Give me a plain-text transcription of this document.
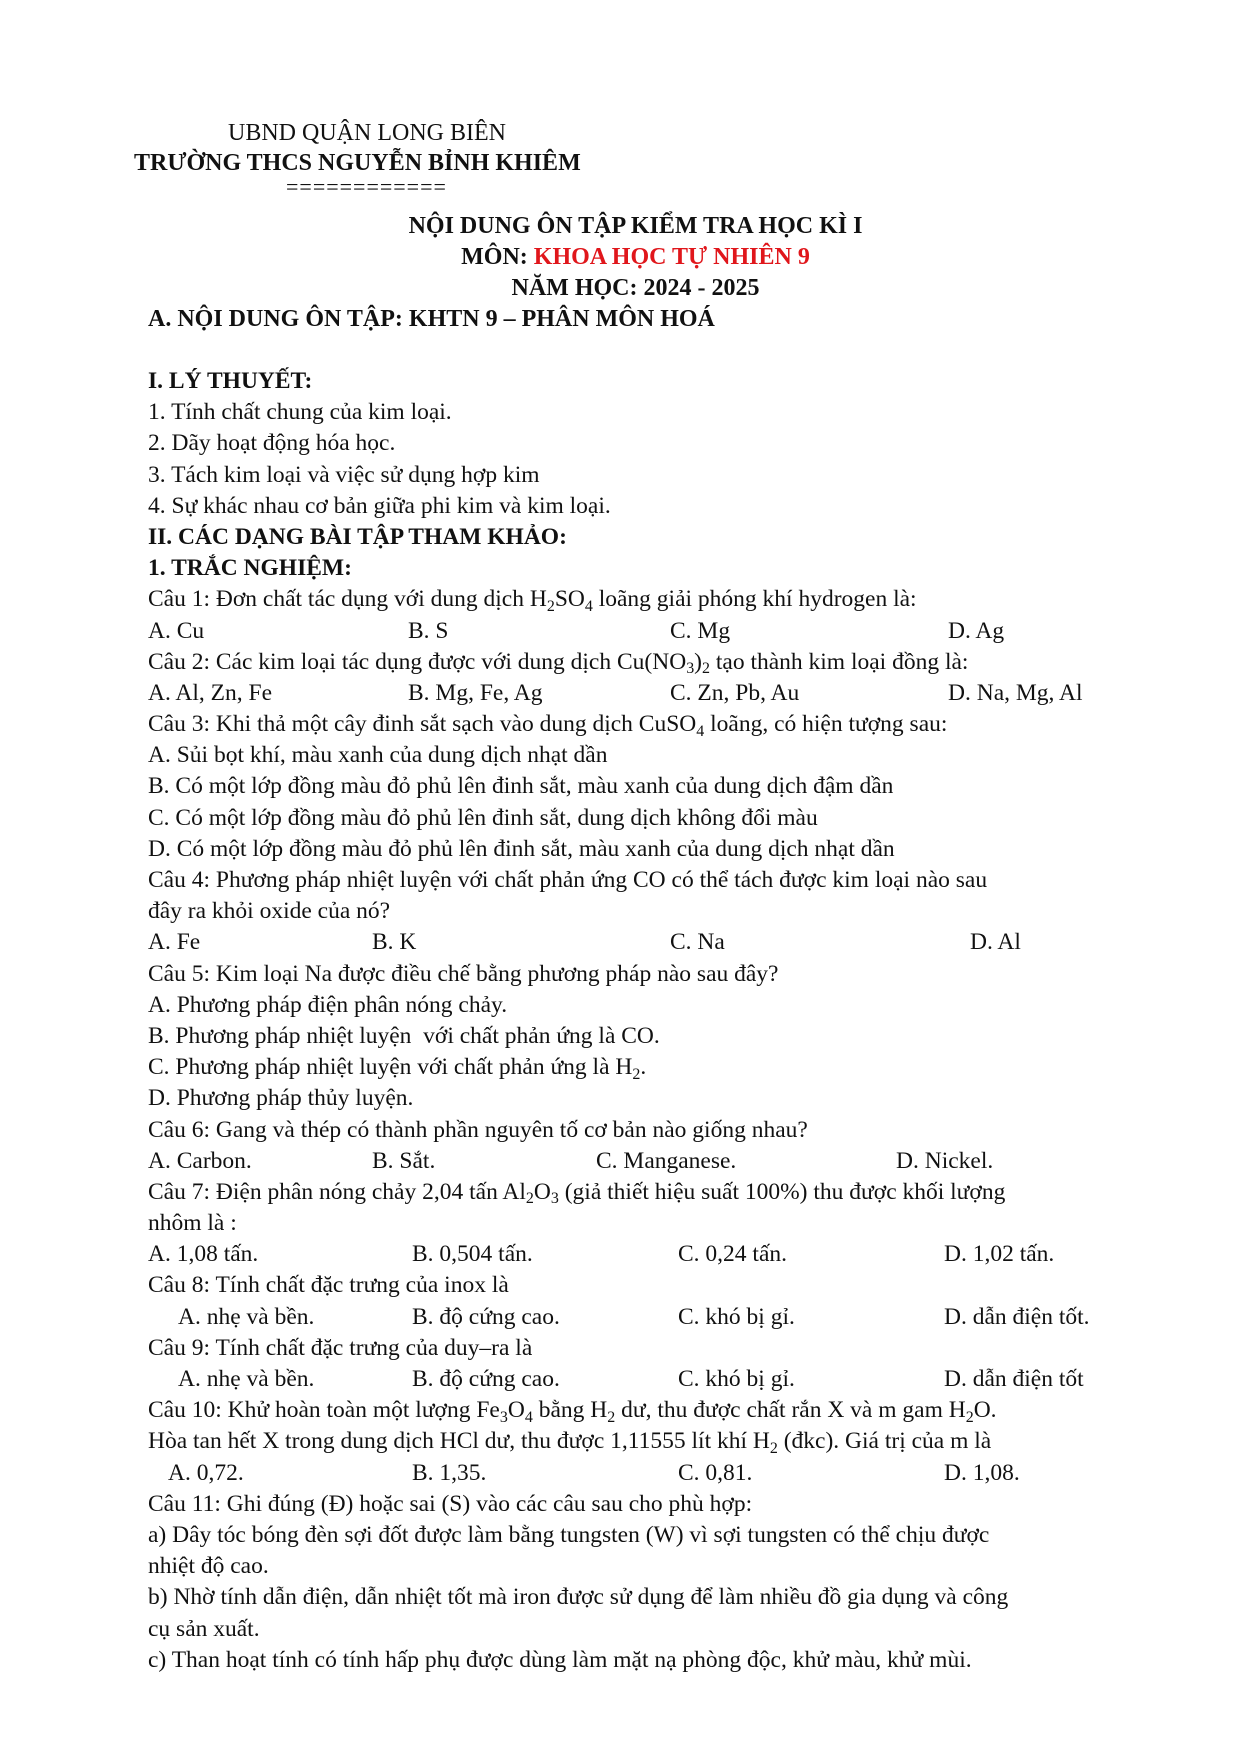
UBND QUẬN LONG BIÊN
TRƯỜNG THCS NGUYỄN BỈNH KHIÊM
============
NỘI DUNG ÔN TẬP KIỂM TRA HỌC KÌ I
MÔN: KHOA HỌC TỰ NHIÊN 9
NĂM HỌC: 2024 - 2025
A. NỘI DUNG ÔN TẬP: KHTN 9 – PHÂN MÔN HOÁ
I. LÝ THUYẾT:
1. Tính chất chung của kim loại.
2. Dãy hoạt động hóa học.
3. Tách kim loại và việc sử dụng hợp kim
4. Sự khác nhau cơ bản giữa phi kim và kim loại.
II. CÁC DẠNG BÀI TẬP THAM KHẢO:
1. TRẮC NGHIỆM:
Câu 1: Đơn chất tác dụng với dung dịch $H_2SO_4$ loãng giải phóng khí hydrogen là:
A. Cu	B. S	C. Mg	D. Ag
Câu 2: Các kim loại tác dụng được với dung dịch $Cu(NO_3)_2$ tạo thành kim loại đồng là:
A. Al, Zn, Fe	B. Mg, Fe, Ag	C. Zn, Pb, Au	D. Na, Mg, Al
Câu 3: Khi thả một cây đinh sắt sạch vào dung dịch CuSO$_4$ loãng, có hiện tượng sau:
A. Sủi bọt khí, màu xanh của dung dịch nhạt dần
B. Có một lớp đồng màu đỏ phủ lên đinh sắt, màu xanh của dung dịch đậm dần
C. Có một lớp đồng màu đỏ phủ lên đinh sắt, dung dịch không đổi màu
D. Có một lớp đồng màu đỏ phủ lên đinh sắt, màu xanh của dung dịch nhạt dần
Câu 4: Phương pháp nhiệt luyện với chất phản ứng CO có thể tách được kim loại nào sau
đây ra khỏi oxide của nó?
A. Fe	B. K	C. Na	D. Al
Câu 5: Kim loại Na được điều chế bằng phương pháp nào sau đây?
A. Phương pháp điện phân nóng chảy.
B. Phương pháp nhiệt luyện  với chất phản ứng là CO.
C. Phương pháp nhiệt luyện với chất phản ứng là $H_2$.
D. Phương pháp thủy luyện.
Câu 6: Gang và thép có thành phần nguyên tố cơ bản nào giống nhau?
A. Carbon.	B. Sắt.	C. Manganese.	D. Nickel.
Câu 7: Điện phân nóng chảy 2,04 tấn $Al_2O_3$ (giả thiết hiệu suất 100%) thu được khối lượng
nhôm là :
A. 1,08 tấn.	B. 0,504 tấn.	C. 0,24 tấn.	D. 1,02 tấn.
Câu 8: Tính chất đặc trưng của inox là
A. nhẹ và bền.	B. độ cứng cao.	C. khó bị gỉ.	D. dẫn điện tốt.
Câu 9: Tính chất đặc trưng của duy–ra là
A. nhẹ và bền.	B. độ cứng cao.	C. khó bị gỉ.	D. dẫn điện tốt
Câu 10: Khử hoàn toàn một lượng $Fe_3O_4$ bằng $H_2$ dư, thu được chất rắn X và m gam $H_2O$.
Hòa tan hết X trong dung dịch HCl dư, thu được 1,11555 lít khí $H_2$ (đkc). Giá trị của m là
A. 0,72.	B. 1,35.	C. 0,81.	D. 1,08.
Câu 11: Ghi đúng (Đ) hoặc sai (S) vào các câu sau cho phù hợp:
a) Dây tóc bóng đèn sợi đốt được làm bằng tungsten (W) vì sợi tungsten có thể chịu được
nhiệt độ cao.
b) Nhờ tính dẫn điện, dẫn nhiệt tốt mà iron được sử dụng để làm nhiều đồ gia dụng và công
cụ sản xuất.
c) Than hoạt tính có tính hấp phụ được dùng làm mặt nạ phòng độc, khử màu, khử mùi.
